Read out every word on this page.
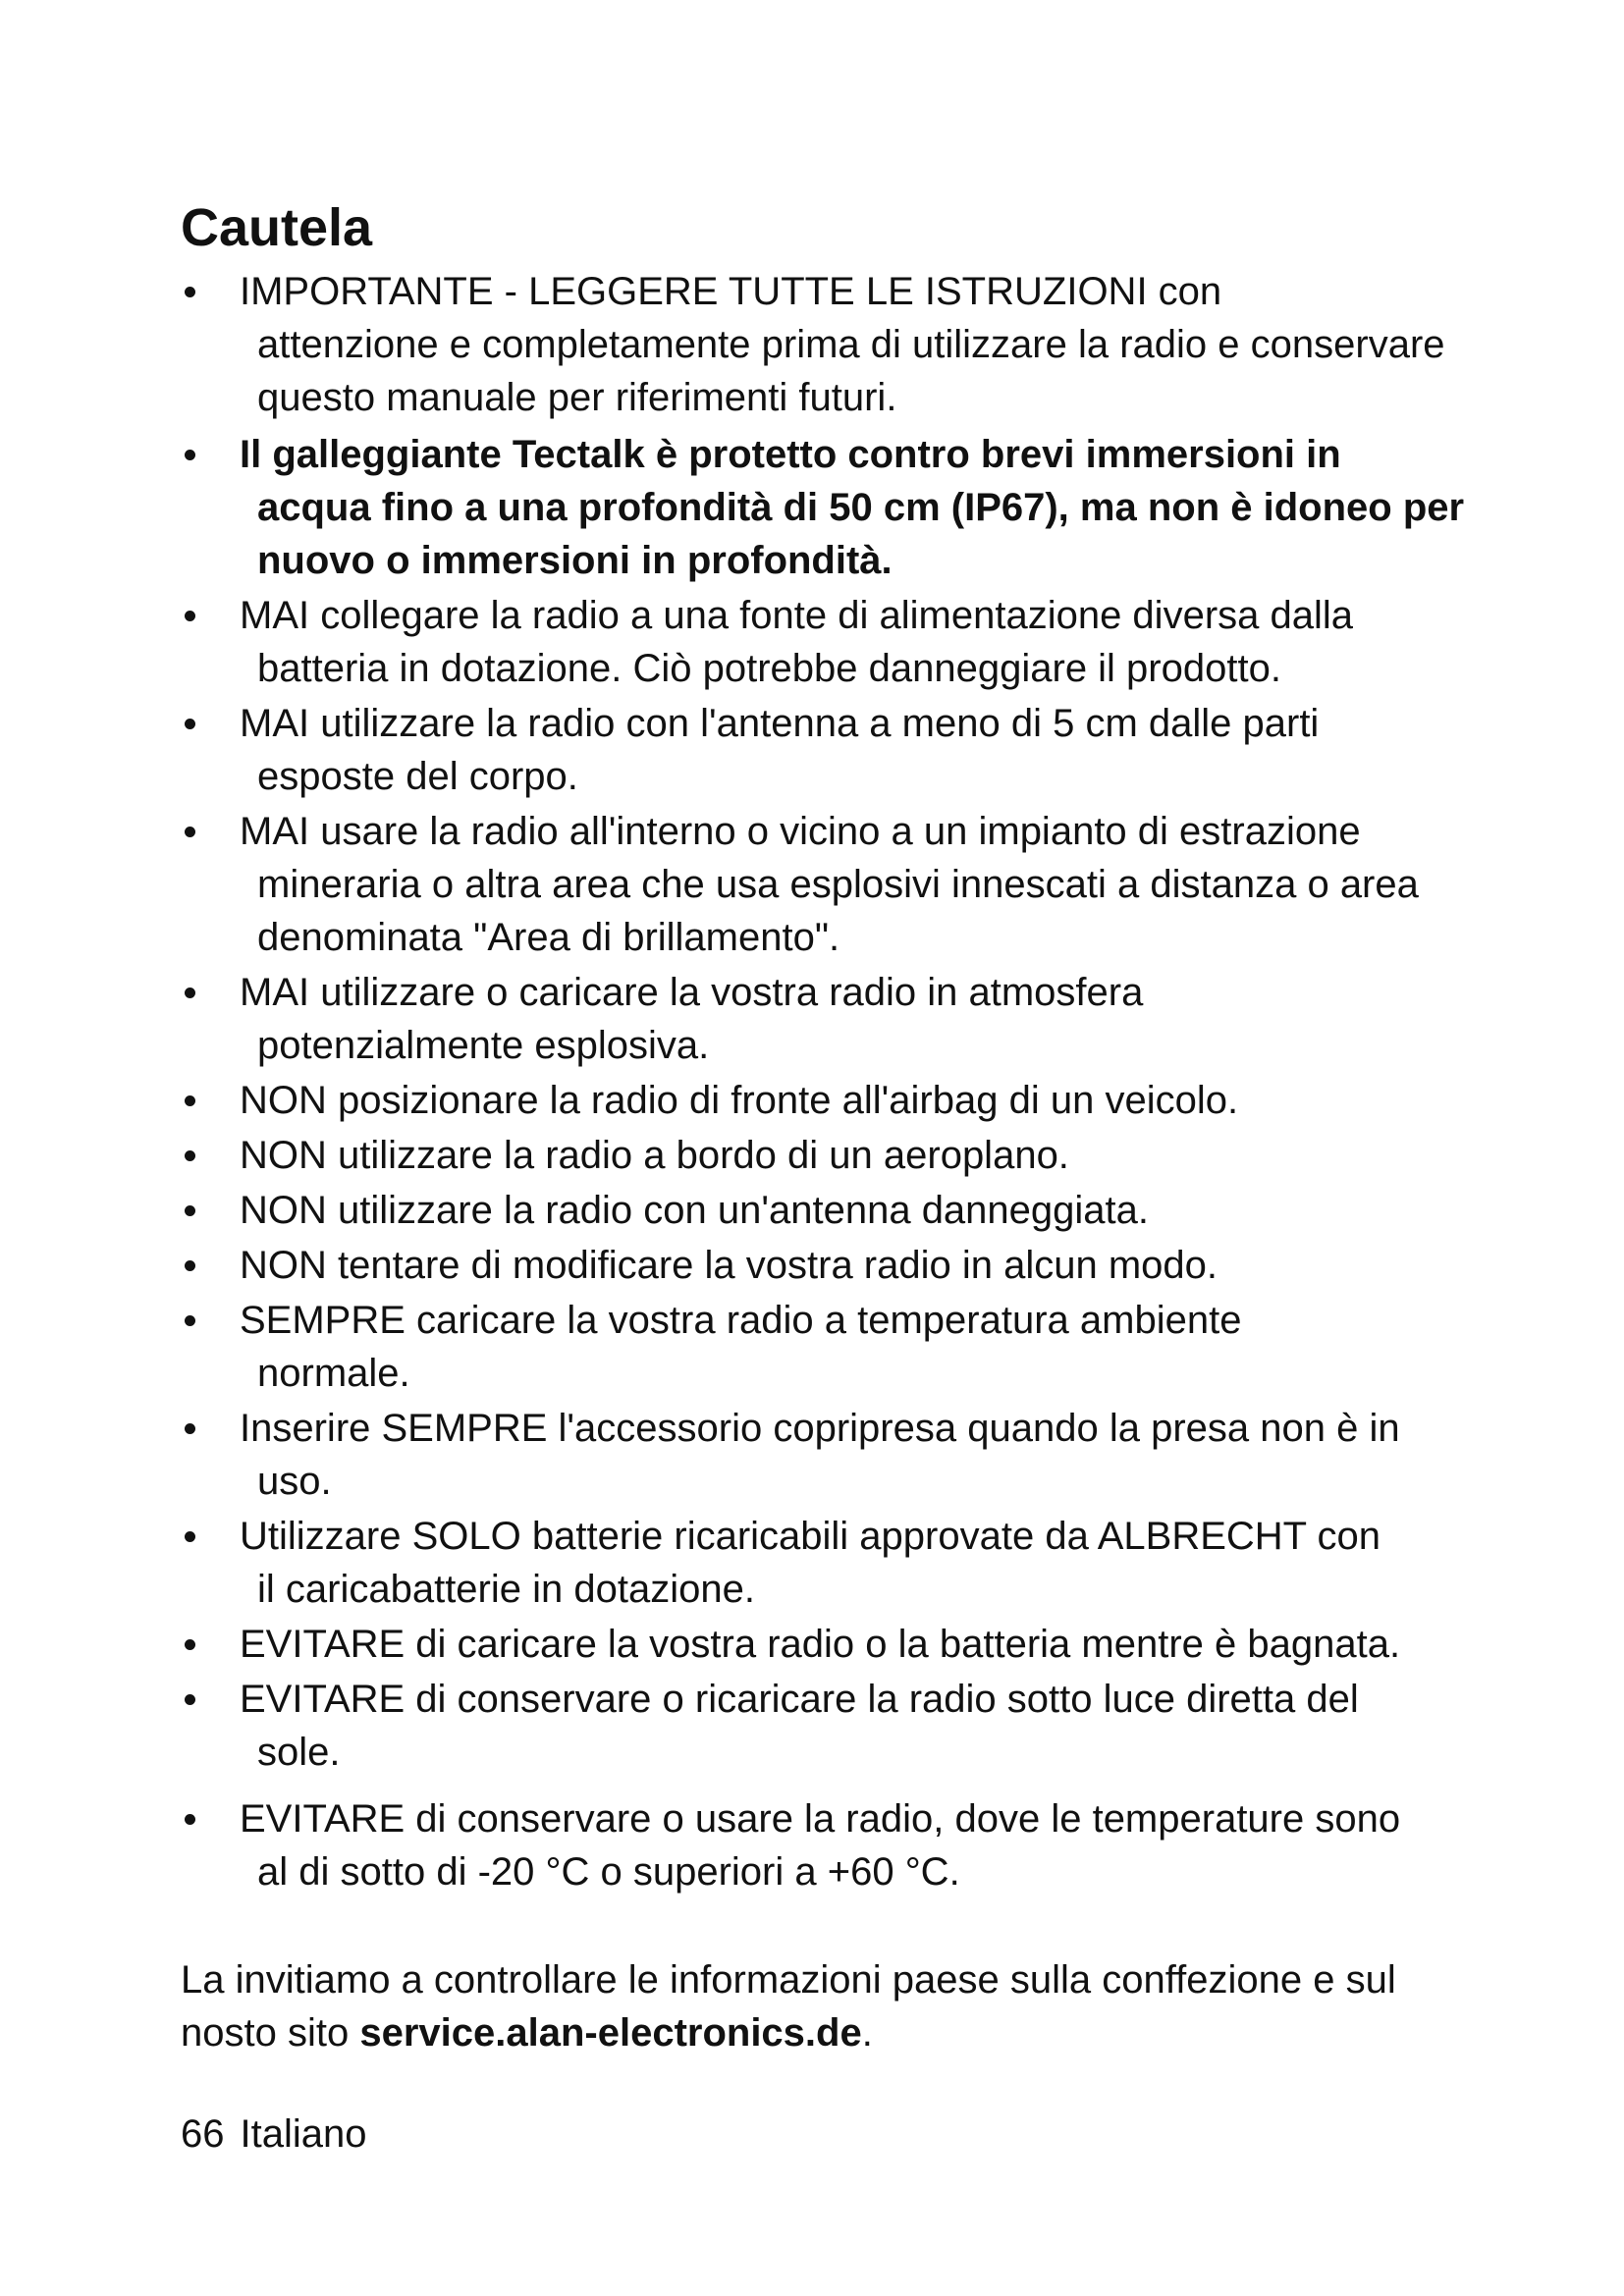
Cautela
IMPORTANTE - LEGGERE TUTTE LE ISTRUZIONI con
attenzione e completamente prima di utilizzare la radio e conservare questo manuale per riferimenti futuri.
Il galleggiante Tectalk è protetto contro brevi immersioni in
acqua fino a una profondità di 50 cm (IP67), ma non è idoneo per nuovo o immersioni in profondità.
MAI collegare la radio a una fonte di alimentazione diversa dalla
batteria in dotazione. Ciò potrebbe danneggiare il prodotto.
MAI utilizzare la radio con l'antenna a meno di 5 cm dalle parti
esposte del corpo.
MAI usare la radio all'interno o vicino a un impianto di estrazione
mineraria o altra area che usa esplosivi innescati a distanza o area denominata "Area di brillamento".
MAI utilizzare o caricare la vostra radio in atmosfera
potenzialmente esplosiva.
NON posizionare la radio di fronte all'airbag di un veicolo.
NON utilizzare la radio a bordo di un aeroplano.
NON utilizzare la radio con un'antenna danneggiata.
NON tentare di modificare la vostra radio in alcun modo.
SEMPRE caricare la vostra radio a temperatura ambiente
normale.
Inserire SEMPRE l'accessorio copripresa quando la presa non è in
uso.
Utilizzare SOLO batterie ricaricabili approvate da ALBRECHT con
il caricabatterie in dotazione.
EVITARE di caricare la vostra radio o la batteria mentre è bagnata.
EVITARE di conservare o ricaricare la radio sotto luce diretta del
sole.
EVITARE di conservare o usare la radio, dove le temperature sono
al di sotto di -20 °C o superiori a +60 °C.

La invitiamo a controllare le informazioni paese sulla conffezione e sul nosto sito service.alan-electronics.de.

66 Italiano
